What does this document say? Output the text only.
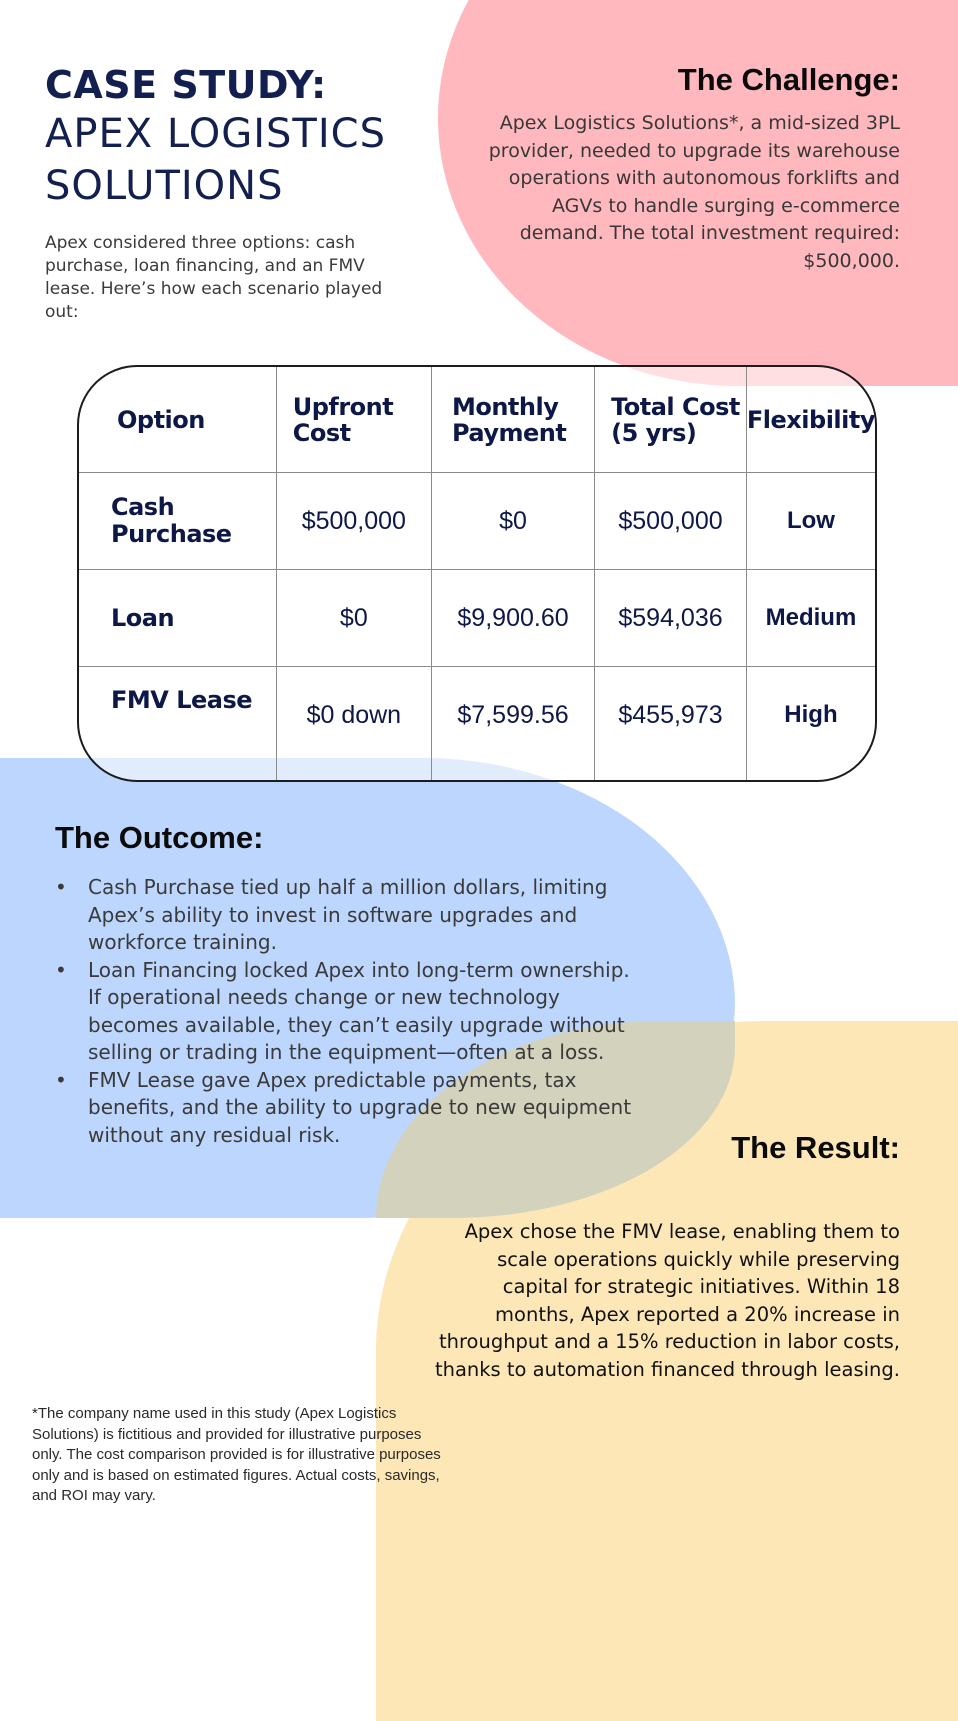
CASE STUDY:
APEX LOGISTICS
SOLUTIONS
Apex considered three options: cash purchase, loan financing, and an FMV lease. Here’s how each scenario played out:
The Challenge:

Apex Logistics Solutions*, a mid-sized 3PL provider, needed to upgrade its warehouse operations with autonomous forklifts and AGVs to handle surging e-commerce demand. The total investment required: $500,000.

Option	Upfront Cost	Monthly Payment	Total Cost (5 yrs)	Flexibility
Cash Purchase	$500,000	$0	$500,000	Low
Loan	$0	$9,900.60	$594,036	Medium
FMV Lease	$0 down	$7,599.56	$455,973	High
The Outcome:
• Cash Purchase tied up half a million dollars, limiting Apex’s ability to invest in software upgrades and workforce training.
• Loan Financing locked Apex into long-term ownership. If operational needs change or new technology becomes available, they can’t easily upgrade without selling or trading in the equipment—often at a loss.
• FMV Lease gave Apex predictable payments, tax benefits, and the ability to upgrade to new equipment without any residual risk.	The Result:

Apex chose the FMV lease, enabling them to scale operations quickly while preserving capital for strategic initiatives. Within 18 months, Apex reported a 20% increase in throughput and a 15% reduction in labor costs, thanks to automation financed through leasing.

*The company name used in this study (Apex Logistics Solutions) is fictitious and provided for illustrative purposes only. The cost comparison provided is for illustrative purposes only and is based on estimated figures. Actual costs, savings, and ROI may vary.
